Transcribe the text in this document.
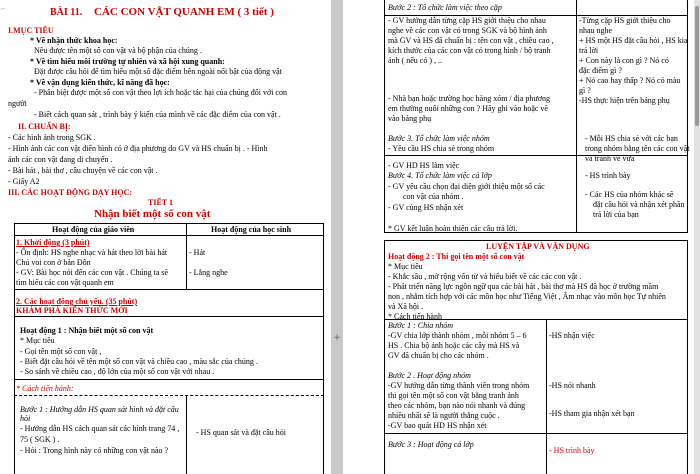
⌐	BÀI 11. CÁC CON VẬT QUANH EM ( 3 tiết )
I.MỤC TIÊU
* Về nhận thức khoa học:
Nêu được tên một số con vật và bộ phận của chúng .
* Về tìm hiểu môi trường tự nhiên và xã hội xung quanh:
Đặt được câu hỏi để tìm hiểu một số đặc điểm bên ngoài nổi bật của động vật
* Về vận dụng kiến thức, kĩ năng đã học:
- Phân biệt được một số con vật theo lợi ích hoặc tác hại của chúng đối với con
người
- Biết cách quan sát , trình bày ý kiến của mình về các đặc điểm của con vật .
II. CHUẨN BỊ:
- Các hình ảnh trong SGK .
- Hình ảnh các con vật điển hình có ở địa phương do GV và HS chuẩn bị . - Hình
ảnh các con vật đang di chuyển .
- Bài hát , bài thơ , câu chuyện về các con vật .
- Giấy A2
III. CÁC HOẠT ĐỘNG DẠY HỌC:
TIẾT 1
Nhận biết một số con vật
Hoạt động của giáo viên	Hoạt động của học sinh
1. Khởi động (3 phút)
- Ổn định: HS nghe nhạc và hát theo lời bài hát
Chú voi con ở bản Đôn
- GV: Bài học nói đến các con vật . Chúng ta sẽ
tìm hiểu các con vật quanh em
- Hát
- Lắng nghe
2. Các hoạt động chủ yếu. (35 phút)
KHÁM PHÁ KIẾN THỨC MỚI
Hoạt động 1 : Nhận biết một số con vật
* Mục tiêu
- Gọi tên một số con vật ,
- Biết đặt câu hỏi về tên một số con vật và chiều cao , màu sắc của chúng .
- So sánh về chiều cao , độ lớn của một số con vật với nhau .
* Cách tiến hành:
Bước 1 : Hướng dẫn HS quan sát hình và đặt câu
hỏi
- Hướng dẫn HS cách quan sát các hình trang 74 ,
75 ( SGK ) .
- Hỏi : Trong hình này có những con vật nào ?
- HS quan sát và đặt câu hỏi
+
Bước 2 : Tổ chức làm việc theo cặp
- GV hướng dẫn từng cặp HS giới thiệu cho nhau
nghe về các con vật có trong SGK và bộ hình ảnh
mà GV và HS đã chuẩn bị : tên con vật , chiều cao ,
kích thước của các con vật có trong hình / bộ tranh
ảnh ( nếu có ) , ..
- Nhà bạn hoặc trường học hàng xóm / địa phương
em thường nuôi những con ? Hãy ghi vào hoặc vẽ
vào bảng phụ
-Từng cặp HS giới thiệu cho
nhau nghe
+ HS một HS đặt câu hỏi , HS kia
trả lời
+ Con này là con gì ? Nó có
đặc điểm gì ?
+ Nó cao hay thấp ? Nó có màu
gì ?
-HS thực hiện trên bảng phụ
Bước 3. Tổ chức làm việc nhóm
- Yêu cầu HS chia sẻ trong nhóm
- GV HD HS làm việc
- Mỗi HS chia sẻ với các bạn
trong nhóm bằng tên các con vật
và tranh vẽ vừa
Bước 4. Tổ chức làm việc cả lớp
- GV yêu cầu chọn đại diện giới thiệu một số các
con vật của nhóm .
- GV cùng HS nhận xét
- HS trình bày
- Các HS của nhóm khác sẽ
đặt câu hỏi và nhận xét phần
trả lời của bạn
* GV kết luận hoàn thiện các câu trả lời.
LUYỆN TẬP VÀ VẬN DỤNG
Hoạt động 2 : Thi gọi tên một số con vật
* Mục tiêu
- Khắc sâu , mở rộng vốn từ và hiểu biết về các các con vật .
- Phát triển năng lực ngôn ngữ qua các bài hát , bài thơ mà HS đã học ở trường mầm
non , nhằm tích hợp với các môn học như Tiếng Việt , Âm nhạc vào môn học Tự nhiên
và Xã hội .
* Cách tiến hành
Bước 1 : Chia nhóm
-GV chia lớp thành nhóm , mỗi nhóm 5 – 6
HS . Chia bộ ảnh hoặc các cây mà HS và
GV đã chuẩn bị cho các nhóm .
-HS nhận việc
Bước 2 . Hoạt động nhóm
-GV hướng dẫn từng thành viên trong nhóm
thi gọi tên một số con vật bằng tranh ảnh
theo các nhóm, bạn nào nói nhanh và đúng
nhiều nhất sẽ là người thắng cuộc .
-GV bao quát HD HS nhận xét
-HS nói nhanh
-HS tham gia nhận xét bạn
Bước 3 : Hoạt động cả lớp
- HS trình bày
